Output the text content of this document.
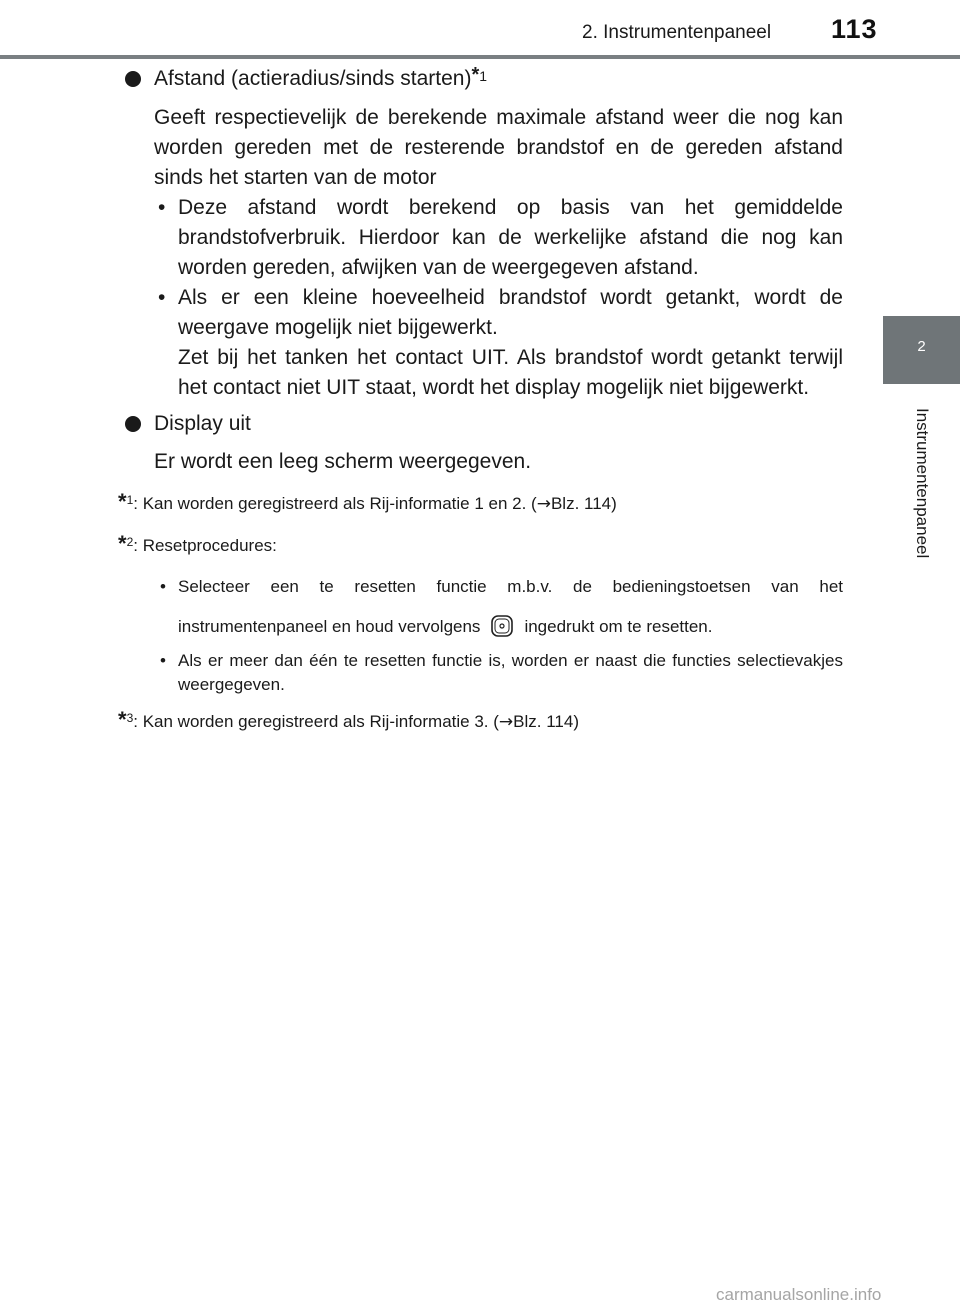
2. Instrumentenpaneel 113
2
Instrumentenpaneel
Afstand (actieradius/sinds starten)$^{*1}$
Geeft respectievelijk de berekende maximale afstand weer die nog kan worden gereden met de resterende brandstof en de gereden afstand sinds het starten van de motor
• Deze afstand wordt berekend op basis van het gemiddelde brandstofverbruik. Hierdoor kan de werkelijke afstand die nog kan worden gereden, afwijken van de weergegeven afstand.
• Als er een kleine hoeveelheid brandstof wordt getankt, wordt de weergave mogelijk niet bijgewerkt.
Zet bij het tanken het contact UIT. Als brandstof wordt getankt terwijl het contact niet UIT staat, wordt het display mogelijk niet bijgewerkt.
Display uit
Er wordt een leeg scherm weergegeven.
*$^1$: Kan worden geregistreerd als Rij-informatie 1 en 2. (→Blz. 114)
*$^2$: Resetprocedures:
• Selecteer een te resetten functie m.b.v. de bedieningstoetsen van het instrumentenpaneel en houd vervolgens	ingedrukt om te resetten.
• Als er meer dan één te resetten functie is, worden er naast die functies selectievakjes weergegeven.
*$^3$: Kan worden geregistreerd als Rij-informatie 3. (→Blz. 114)
carmanualsonline.info
